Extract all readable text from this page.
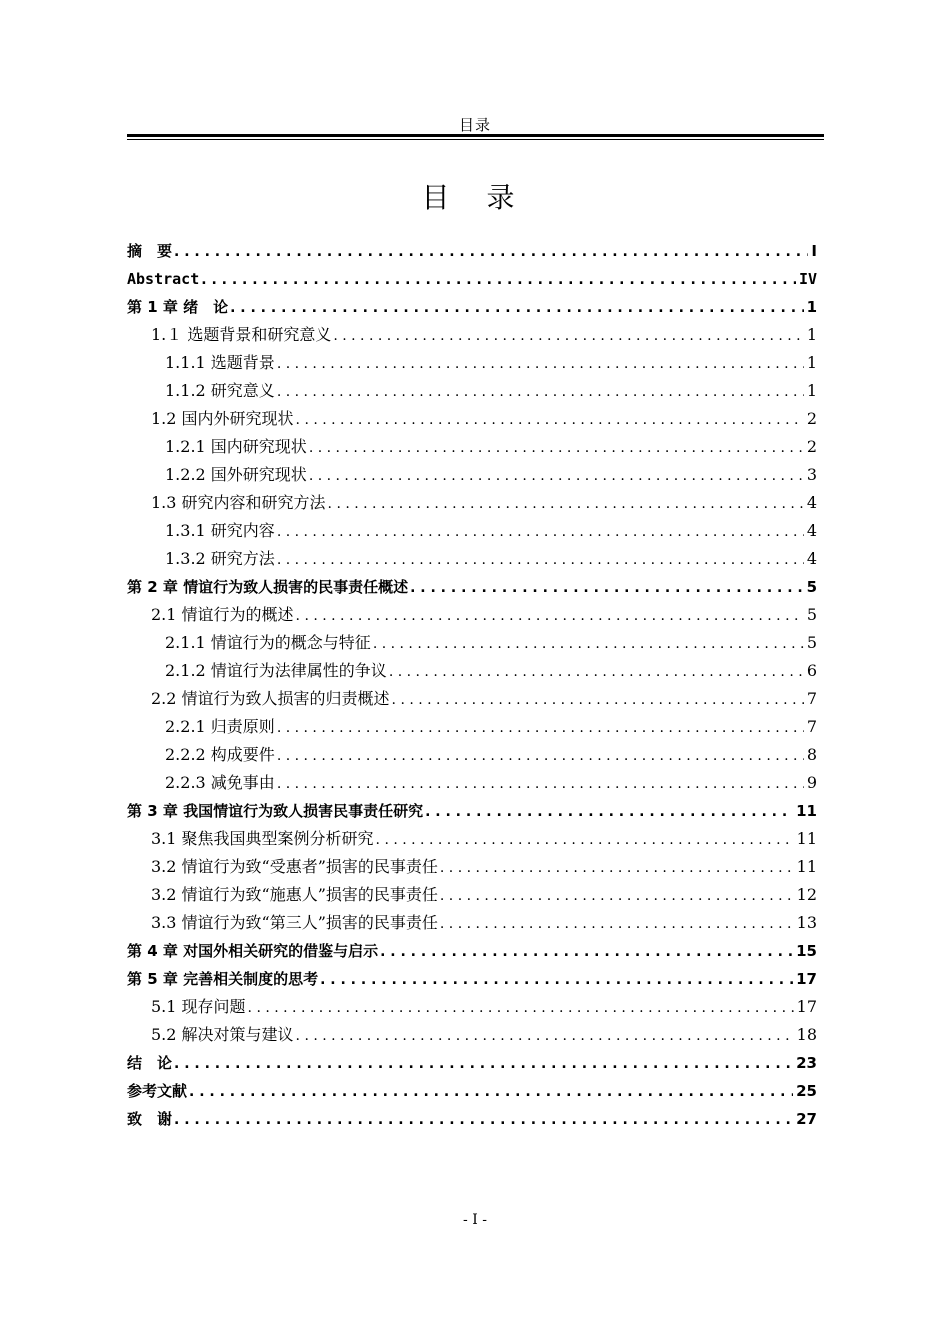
目录
目 录
摘　要 . . .	I
Abstract . . .	IV
第 1 章 绪　论 . . .	1
1.１ 选题背景和研究意义 . . .	1
1.1.1 选题背景 . . .	1
1.1.2 研究意义 . . .	1
1.2 国内外研究现状 . . .	2
1.2.1 国内研究现状 . . .	2
1.2.2 国外研究现状 . . .	3
1.3 研究内容和研究方法 . . .	4
1.3.1 研究内容 . . .	4
1.3.2 研究方法 . . .	4
第 2 章 情谊行为致人损害的民事责任概述 . . .	5
2.1 情谊行为的概述 . . .	5
2.1.1 情谊行为的概念与特征 . . .	5
2.1.2 情谊行为法律属性的争议 . . .	6
2.2 情谊行为致人损害的归责概述 . . .	7
2.2.1 归责原则 . . .	7
2.2.2 构成要件 . . .	8
2.2.3 减免事由 . . .	9
第 3 章 我国情谊行为致人损害民事责任研究 . . .	11
3.1 聚焦我国典型案例分析研究 . . .	11
3.2 情谊行为致“受惠者”损害的民事责任 . . .	11
3.2 情谊行为致“施惠人”损害的民事责任 . . .	12
3.3 情谊行为致“第三人”损害的民事责任 . . .	13
第 4 章 对国外相关研究的借鉴与启示 . . .	15
第 5 章 完善相关制度的思考 . . .	17
5.1 现存问题 . . .	17
5.2 解决对策与建议 . . .	18
结　论 . . .	23
参考文献 . . .	25
致　谢 . . .	27
- I -
